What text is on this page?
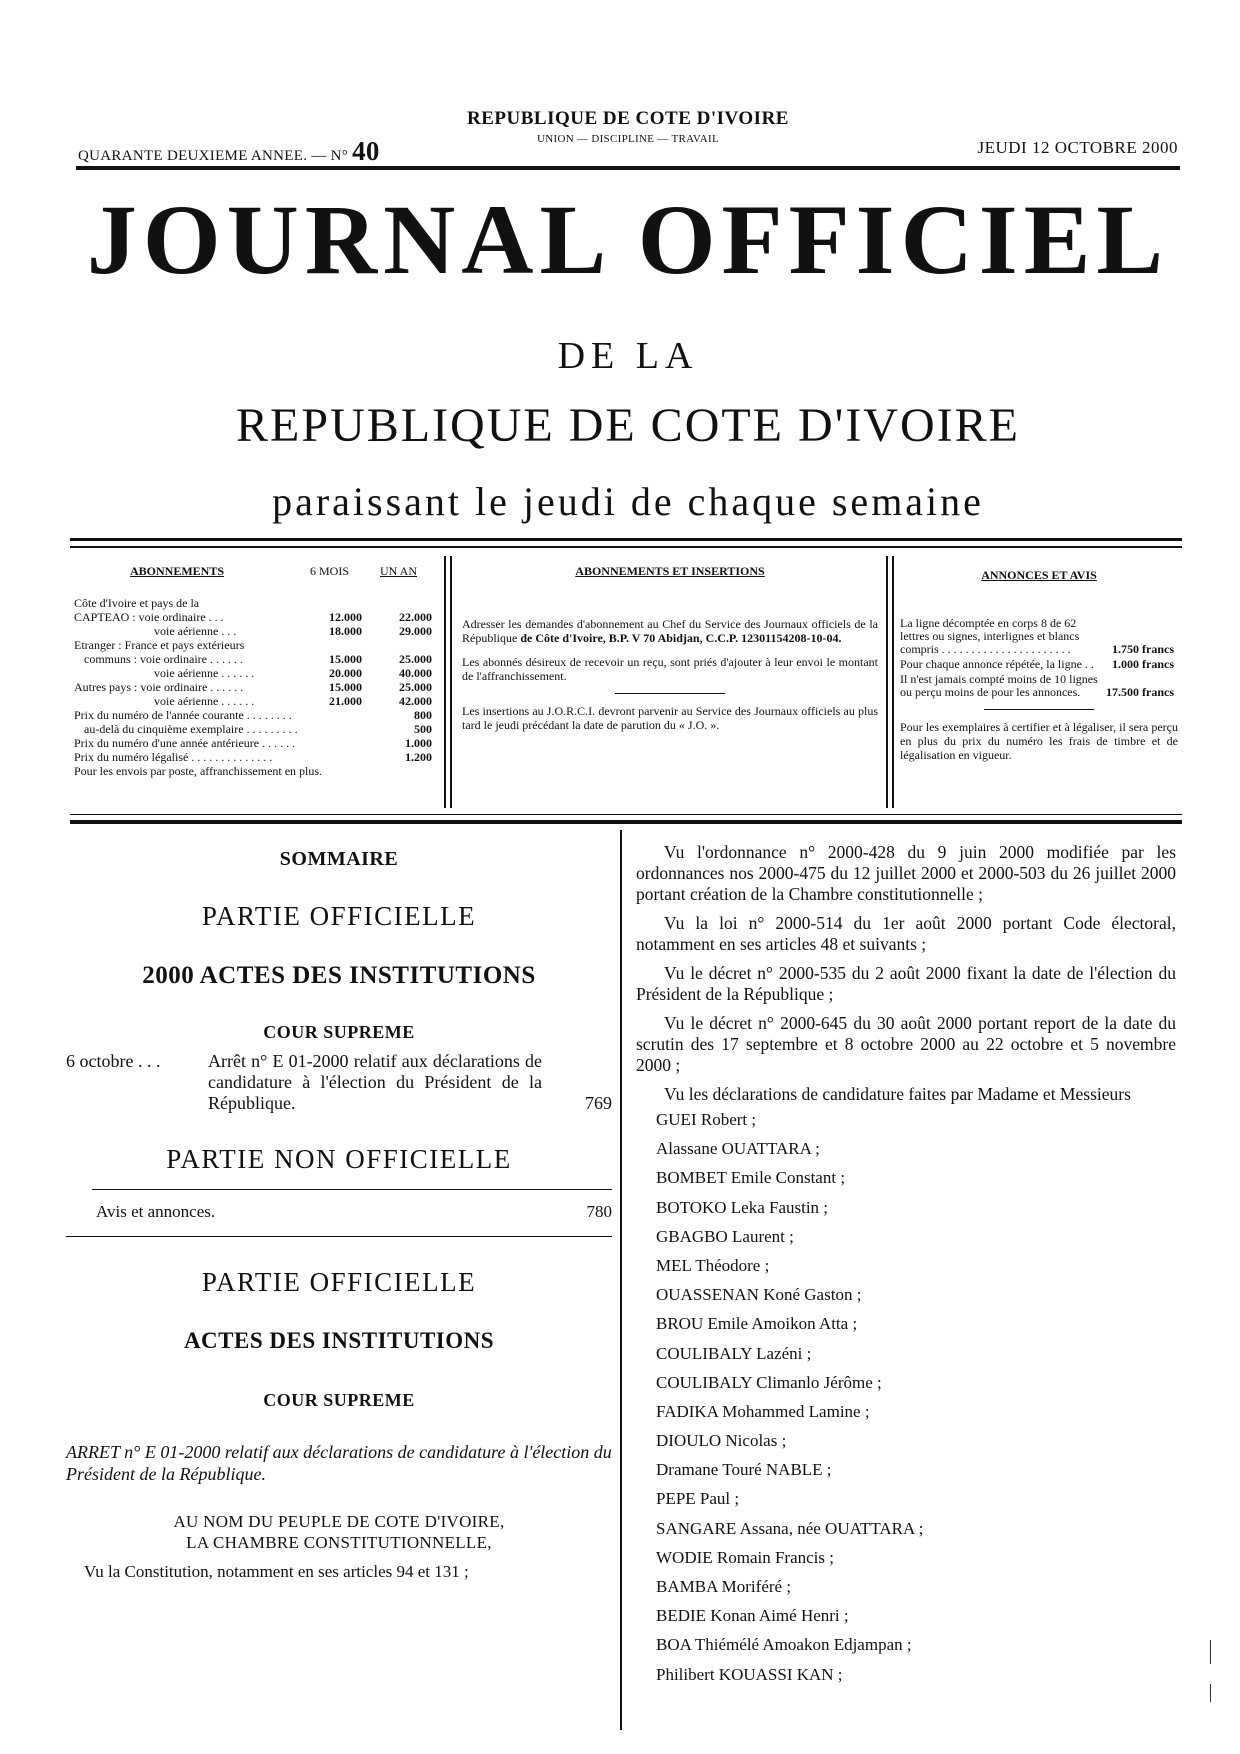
QUARANTE DEUXIEME ANNEE. — N° 40
REPUBLIQUE DE COTE D'IVOIRE
UNION — DISCIPLINE — TRAVAIL	JEUDI 12 OCTOBRE 2000
JOURNAL OFFICIEL
DE LA
REPUBLIQUE DE COTE D'IVOIRE
paraissant le jeudi de chaque semaine
ABONNEMENTS	6 MOIS	UN AN
Côte d'Ivoire et pays de la
CAPTEAO : voie ordinaire . . .	12.000	22.000
voie aérienne . . .	18.000	29.000
Etranger : France et pays extérieurs
communs : voie ordinaire . . . . . .	15.000	25.000
voie aérienne . . . . . .	20.000	40.000
Autres pays : voie ordinaire . . . . . .	15.000	25.000
voie aérienne . . . . . .	21.000	42.000
Prix du numéro de l'année courante . . . . . . . .	800
au-delà du cinquième exemplaire . . . . . . . . .	500
Prix du numéro d'une année antérieure . . . . . .	1.000
Prix du numéro légalisé . . . . . . . . . . . . . .	1.200
Pour les envois par poste, affranchissement en plus.
ABONNEMENTS ET INSERTIONS
Adresser les demandes d'abonnement au Chef du Service des Journaux officiels de la République de Côte d'Ivoire, B.P. V 70 Abidjan, C.C.P. 12301154208-10-04.
Les abonnés désireux de recevoir un reçu, sont priés d'ajouter à leur envoi le montant de l'affranchissement.
Les insertions au J.O.R.C.I. devront parvenir au Service des Journaux officiels au plus tard le jeudi précédant la date de parution du « J.O. ».
ANNONCES ET AVIS
La ligne décomptée en corps 8 de 62 lettres ou signes, interlignes et blancs compris . . . . . . . . . . . . . . . . . . . . . .	1.750 francs
Pour chaque annonce répétée, la ligne . .	1.000 francs
Il n'est jamais compté moins de 10 lignes ou perçu moins de pour les annonces.	17.500 francs
Pour les exemplaires à certifier et à légaliser, il sera perçu en plus du prix du numéro les frais de timbre et de légalisation en vigueur.
SOMMAIRE
PARTIE OFFICIELLE
2000 ACTES DES INSTITUTIONS
COUR SUPREME
6 octobre . . .	Arrêt n° E 01-2000 relatif aux déclarations de candidature à l'élection du Président de la République.	769
PARTIE NON OFFICIELLE
Avis et annonces.	780
PARTIE OFFICIELLE
ACTES DES INSTITUTIONS
COUR SUPREME
ARRET n° E 01-2000 relatif aux déclarations de candidature à l'élection du Président de la République.
AU NOM DU PEUPLE DE COTE D'IVOIRE,
LA CHAMBRE CONSTITUTIONNELLE,
Vu la Constitution, notamment en ses articles 94 et 131 ;
Vu l'ordonnance n° 2000-428 du 9 juin 2000 modifiée par les ordonnances nos 2000-475 du 12 juillet 2000 et 2000-503 du 26 juillet 2000 portant création de la Chambre constitutionnelle ;
Vu la loi n° 2000-514 du 1er août 2000 portant Code électoral, notamment en ses articles 48 et suivants ;
Vu le décret n° 2000-535 du 2 août 2000 fixant la date de l'élection du Président de la République ;
Vu le décret n° 2000-645 du 30 août 2000 portant report de la date du scrutin des 17 septembre et 8 octobre 2000 au 22 octobre et 5 novembre 2000 ;
Vu les déclarations de candidature faites par Madame et Messieurs
GUEI Robert ;
Alassane OUATTARA ;
BOMBET Emile Constant ;
BOTOKO Leka Faustin ;
GBAGBO Laurent ;
MEL Théodore ;
OUASSENAN Koné Gaston ;
BROU Emile Amoikon Atta ;
COULIBALY Lazéni ;
COULIBALY Climanlo Jérôme ;
FADIKA Mohammed Lamine ;
DIOULO Nicolas ;
Dramane Touré NABLE ;
PEPE Paul ;
SANGARE Assana, née OUATTARA ;
WODIE Romain Francis ;
BAMBA Moriféré ;
BEDIE Konan Aimé Henri ;
BOA Thiémélé Amoakon Edjampan ;
Philibert KOUASSI KAN ;
